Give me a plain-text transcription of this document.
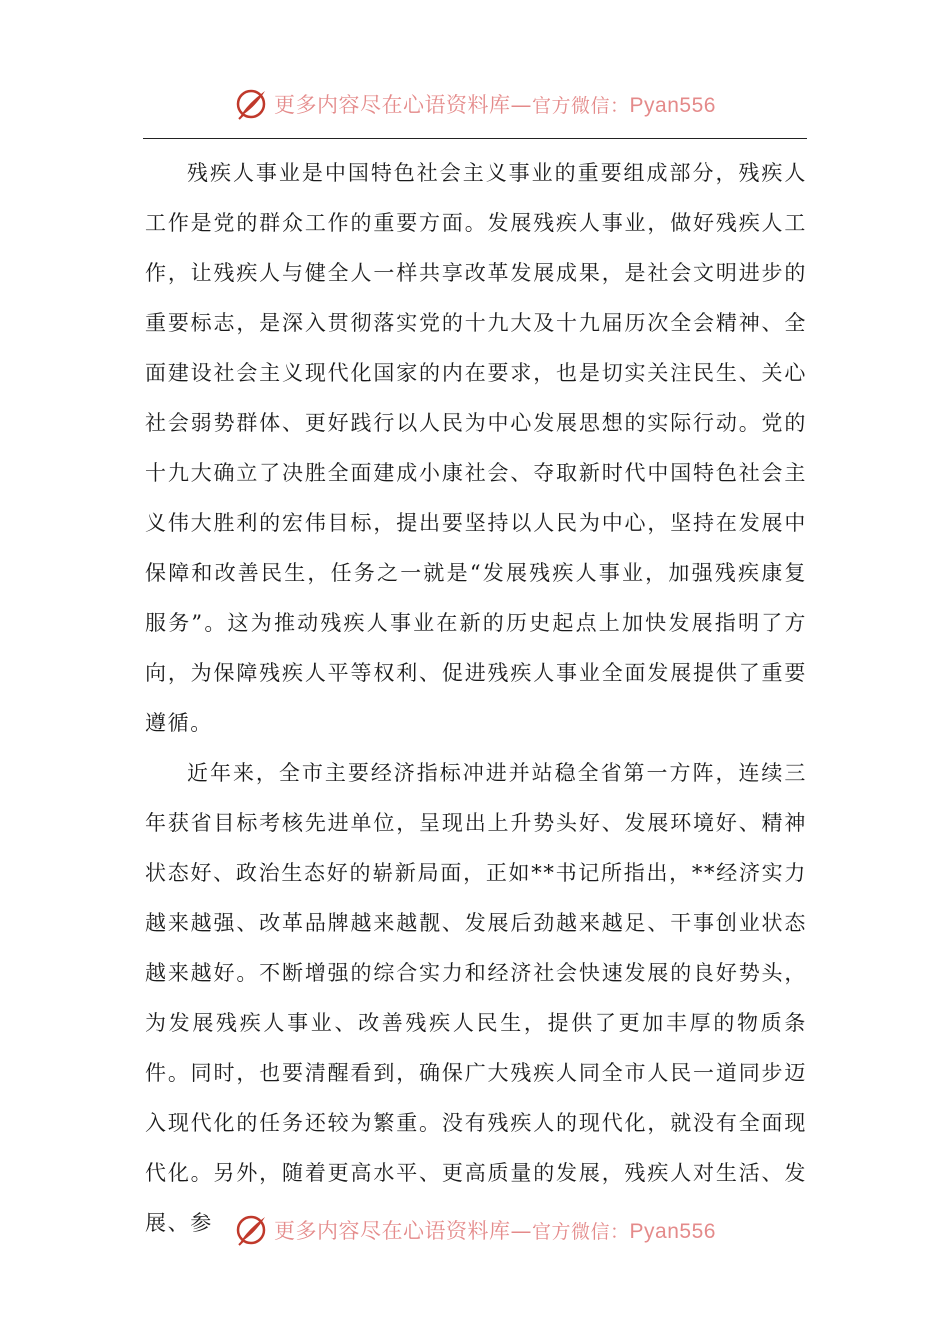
更多内容尽在心语资料库—官方微信：Pyan556

残疾人事业是中国特色社会主义事业的重要组成部分，残疾人工作是党的群众工作的重要方面。发展残疾人事业，做好残疾人工作，让残疾人与健全人一样共享改革发展成果，是社会文明进步的重要标志，是深入贯彻落实党的十九大及十九届历次全会精神、全面建设社会主义现代化国家的内在要求，也是切实关注民生、关心社会弱势群体、更好践行以人民为中心发展思想的实际行动。党的十九大确立了决胜全面建成小康社会、夺取新时代中国特色社会主义伟大胜利的宏伟目标，提出要坚持以人民为中心，坚持在发展中保障和改善民生，任务之一就是“发展残疾人事业，加强残疾康复服务”。这为推动残疾人事业在新的历史起点上加快发展指明了方向，为保障残疾人平等权利、促进残疾人事业全面发展提供了重要遵循。

近年来，全市主要经济指标冲进并站稳全省第一方阵，连续三年获省目标考核先进单位，呈现出上升势头好、发展环境好、精神状态好、政治生态好的崭新局面，正如**书记所指出，**经济实力越来越强、改革品牌越来越靓、发展后劲越来越足、干事创业状态越来越好。不断增强的综合实力和经济社会快速发展的良好势头，为发展残疾人事业、改善残疾人民生，提供了更加丰厚的物质条件。同时，也要清醒看到，确保广大残疾人同全市人民一道同步迈入现代化的任务还较为繁重。没有残疾人的现代化，就没有全面现代化。另外，随着更高水平、更高质量的发展，残疾人对生活、发展、参	更多内容尽在心语资料库—官方微信：Pyan556
